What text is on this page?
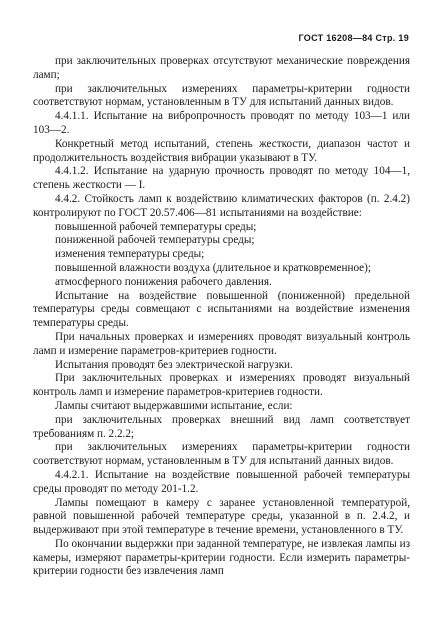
ГОСТ 16208—84 Стр. 19

при заключительных проверках отсутствуют механические повреждения ламп;

при заключительных измерениях параметры-критерии годности соответствуют нормам, установленным в ТУ для испытаний данных видов.

4.4.1.1. Испытание на вибропрочность проводят по методу 103—1 или 103—2.

Конкретный метод испытаний, степень жесткости, диапазон частот и продолжительность воздействия вибрации указывают в ТУ.

4.4.1.2. Испытание на ударную прочность проводят по методу 104—1, степень жесткости — I.

4.4.2. Стойкость ламп к воздействию климатических факторов (п. 2.4.2) контролируют по ГОСТ 20.57.406—81 испытаниями на воздействие:

повышенной рабочей температуры среды;

пониженной рабочей температуры среды;

изменения температуры среды;

повышенной влажности воздуха (длительное и кратковременное);

атмосферного понижения рабочего давления.

Испытание на воздействие повышенной (пониженной) предельной температуры среды совмещают с испытаниями на воздействие изменения температуры среды.

При начальных проверках и измерениях проводят визуальный контроль ламп и измерение параметров-критериев годности.

Испытания проводят без электрической нагрузки.

При заключительных проверках и измерениях проводят визуальный контроль ламп и измерение параметров-критериев годности.

Лампы считают выдержавшими испытание, если:

при заключительных проверках внешний вид ламп соответствует требованиям п. 2.2.2;

при заключительных измерениях параметры-критерии годности соответствуют нормам, установленным в ТУ для испытаний данных видов.

4.4.2.1. Испытание на воздействие повышенной рабочей температуры среды проводят по методу 201-1.2.

Лампы помещают в камеру с заранее установленной температурой, равной повышенной рабочей температуре среды, указанной в п. 2.4.2, и выдерживают при этой температуре в течение времени, установленного в ТУ.

По окончании выдержки при заданной температуре, не извлекая лампы из камеры, измеряют параметры-критерии годности. Если измерить параметры-критерии годности без извлечения ламп
